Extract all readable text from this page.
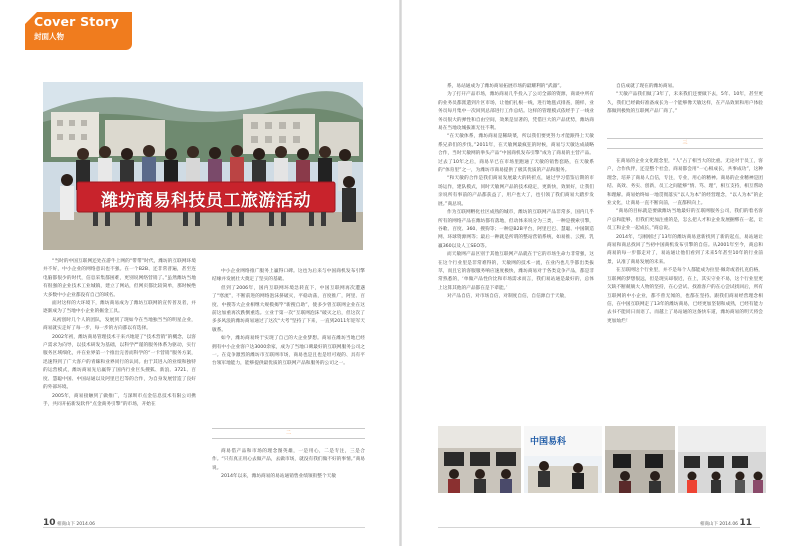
Cover Story
封面人物
潍坊商易科技员工旅游活动

“当时的中国互联网还处在游牛上网的“带带”时代，潍坊的互联网环境并不好，中小企业的网络意识也不强。在一个B2B、还非常普遍，甚至连电脑都很少的时代，信息采集都困难，更别说网络营销了。”虽然潍坊当地有很强的企业技术工业城镇，建立了网站，但网页都比较简单，那时候绝大多数中小企业都没有自己的域名。

面对这样的大环境下，潍坊商易成为了潍坊互联网的宣传普及者，并逐渐成为了当地中小企业的掘金工具。

从初创时几个人的团队，发展到了现如今在当地独当当的明星企业，商易就实走好了每一步，每一步的方向都以有选择。

2002年初，潍坊商易管理技术干来兴地迎了“技术营销”的概念，以客户需求为向导，以技术研发为基础，以科学严谨的服务体系为驱动，实行服务区域细化，并在业界第一个推出完善而科学的“一卡营销”服务方案，迅速得到了广大客户的青睐和业界同行的认同。由于其进入的业绩和独特的运营模式，潍坊商易先后赢得了国内行业巨头搜狐、新浪、3721、百度、慧聪中国、中国站通以及阿里巴巴等的合作，为自身发展营造了良好的外部环境。

2005年，商易接触到了做推广，与深圳市点金信息技术有限公司携手，共同开拓新发软件“点金商务引擎”的市场，开始在

中小企业网络推广服务上赢得口碑。这也为后来与中国商机发布引擎结缘并发展壮大奠定了坚实的基础。

但到了2006年，国内互联网环境急转直下，中国互联网再次遭遇了“寒流”，不断前进的网络泡沫挤破灭，平稳动荡，百度推广，阿里、百度、中搜等大企业相继大规模揭竿“新搜自助”，使多少曾互联网企业在这前这加重再次跌倒重选。立业于第一次“互联网泡沫”破灭之后，但这次了多多风浪的潍坊商易通过了这次“大考”坚持了下来，一直到2011年迎军天敏系。

如今，潍坊商易终于实现了自己的大企业梦想。商易在潍坊当地已经拥有中小企业客户达3000余家，成为了当地口碑最好的互联网服务公司之一。在竞争激烈的潍坊市互联网市场，商易也是且也是坦可观的、具有平台领军地能力，能够提供最优质的互联网产品和服务的公司之一。

二

商易借产品和市场的理念图英雄，一是用心，二是专注，三是合作。“只有真正用心去做产品，去做市场，就没有我们做不好的事情。”商易说。

2014年以来，潍坊商易的易站通销售业绩领衔整个天敏

系，易站通成为了潍坊商易拓展市场的最耀利的“武器”。

为了打开产品市场，潍坊商易几乎投入了公司全部的资源，商谈中所有的业务员都派遣到片区市场，让他们扎根一线，进行地毯式排查，随样，业务员每月集中一次回到总部进行工作总结。这样的管理模式依经手了一线业务员很大的弹性和自由空间，效果是显著的，凭借巨大的产品优势，潍坊商易在当地攻城拔寨无往不利。

“在天敏体系，潍坊商易是稀缺菜，所以我们要更努力才能跟得上天敏系兄弟们的步伐。”2011年，在天敏网最疯狂的时候，商易与天敏达成战略合作，当时天敏网的拳头产品“中国商机发布引擎”成为了商易的主营产品。过去了10年之后，商易早已在市场里跑通了天敏的销售套路，在天敏系的“体育里”之一，为潍坊市商易提供了极其优质的产品和服务。

“和天敏的合作是我们商易发展最大的转折点，通过学习借鉴后期的市场运作，建队模式，同时天敏网产品的技术稳定，更新快，效果好，让我们亲说所有事前的产品都获益了，用户也大了，也引领了我们商易大踏步发展。”商总说。

作为互联网孵化社区成熟的城市，潍坊的互联网产品非常多，国内几乎所有的网络产品在潍坊都有落地，但动体来说分为三类，一种是搜索引擎，谷歌、百度、360、搜狗等；一种是B2B平台，阿里巴巴、慧聪、中国制造网、环球资源网等；最后一种就是所谓的整站营销系统，如易推、云搜、乳赢360以及人工SEO等。

而天敏网产品区别于其他互联网产品就在于它的市场生命力非常强，这在这个行业里是非常难得的，天敏网的技术一流，在业内也几乎都出类拔萃，而且它的客服服务响应速度极快，潍坊商易对于各类竞争产品，都是非常熟悉的，‘单做产品性价比和市场需求而言，我们易站通是最好的，总体上这算其他的产品都在是下辈能。’

对产品自信，对市场自信，对制度自信，自信源自于天敏，

自信成就了现在的潍坊商易。

“天敏产品我们做了3年了，未来我们还要做下去，5年、10年，甚至更久，我们已经做好准备成长为一个能够像天敏这样，在产品效果和用户体验都做到极致的互联网产品厂商了。”

三

在商易的企业文化理念里，“人”占了相当大的比重。无论对于员工，客户，合作伙伴，还是整个社会，商易都会用“一心相成长，共事成功”，这种理念，培养了商易人自信，专注，专业，用心的精神。商易的企业精神是团结、高效、务实、创新，员工之间能够“情、笃、理”，相互支持，相互帮助和理解。商易始终如一地贯彻落实“以人为本”的经营理念，“以人为本”的企业文化，让商易一直不断向前，一直都积向上。

“商易的目标就是要做潍坊当地最好的互联网服务公司，我们的着名客户总和能够，但我们更加注重的是，怎么把人才和企业发展捆绑在一起，让员工和企业一起成长，”商总说。

2014年，与刚刚过了13年的潍坊商易意新找到了新的起点，易站通让商易和商总找回了当初中国商机发布引擎的自信。从2001年至今，商总和商易的每一步都走对了，易站通让他们看到了未来5年甚至10年的行业前景，认准了商易发展的未来。

在互联网这个行业里，并不是每个人都能成为拉里·佩奇或者扎克伯格，互联网的梦想很远，但是现实却很近，在上，其实守业不易，这个行业里更欠缺不断兢兢大人物的坚持，在心尝试、找准客户的在心尝试找回后，所有互联网的中小企业，都不曾无闻的，也都在坚持。跟我们商易经营理念相信，在中国互联网走了13年的潍坊商易，已经更加坚韧和成熟，已经有能力去书不能同日而语了。而越上了易站通的这条快车道，潍坊商易的明天将会更加灿烂！

中国易科
10 相商山下 2014.06	相商山下 2014.06 11
